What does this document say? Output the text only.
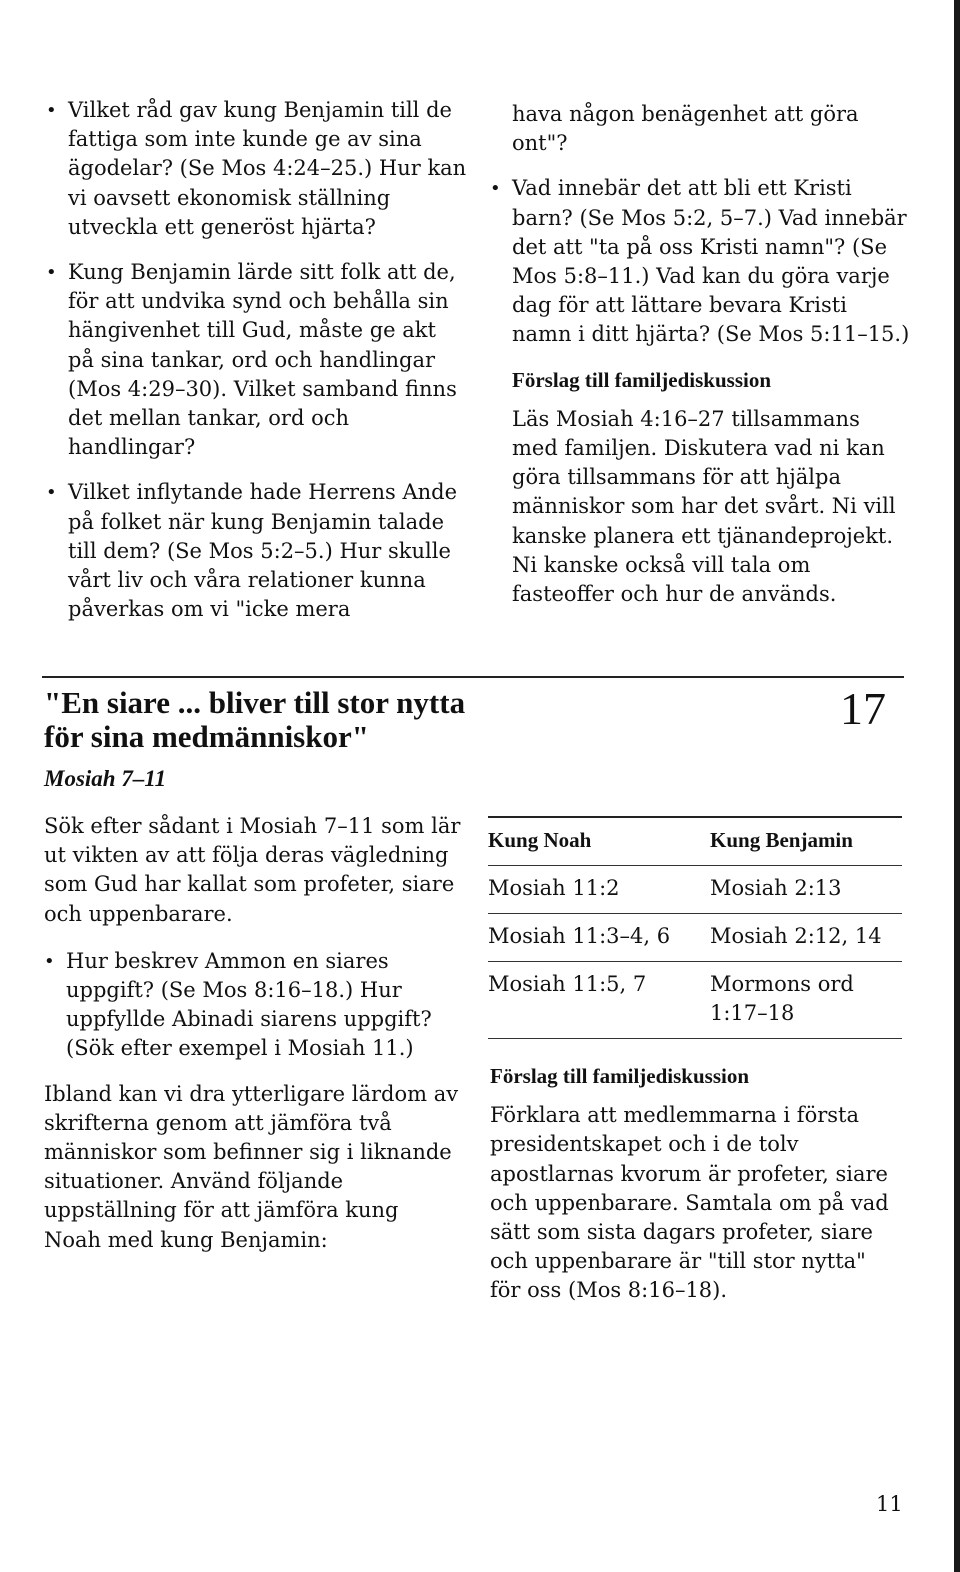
• Vilket råd gav kung Benjamin till de fattiga som inte kunde ge av sina ägodelar? (Se Mos 4:24–25.) Hur kan vi oavsett ekonomisk ställning utveckla ett generöst hjärta?
• Kung Benjamin lärde sitt folk att de, för att undvika synd och behålla sin hängivenhet till Gud, måste ge akt på sina tankar, ord och handlingar (Mos 4:29–30). Vilket samband finns det mellan tankar, ord och handlingar?
• Vilket inflytande hade Herrens Ande på folket när kung Benjamin talade till dem? (Se Mos 5:2–5.) Hur skulle vårt liv och våra relationer kunna påverkas om vi "icke mera

hava någon benägenhet att göra ont"?

• Vad innebär det att bli ett Kristi barn? (Se Mos 5:2, 5–7.) Vad innebär det att "ta på oss Kristi namn"? (Se Mos 5:8–11.) Vad kan du göra varje dag för att lättare bevara Kristi namn i ditt hjärta? (Se Mos 5:11–15.)

Förslag till familjediskussion

Läs Mosiah 4:16–27 tillsammans med familjen. Diskutera vad ni kan göra tillsammans för att hjälpa människor som har det svårt. Ni vill kanske planera ett tjänandeprojekt. Ni kanske också vill tala om fasteoffer och hur de används.

"En siare ... bliver till stor nytta
för sina medmänniskor"
17
Mosiah 7–11

Sök efter sådant i Mosiah 7–11 som lär ut vikten av att följa deras vägledning som Gud har kallat som profeter, siare och uppenbarare.

• Hur beskrev Ammon en siares uppgift? (Se Mos 8:16–18.) Hur uppfyllde Abinadi siarens uppgift? (Sök efter exempel i Mosiah 11.)

Ibland kan vi dra ytterligare lärdom av skrifterna genom att jämföra två människor som befinner sig i liknande situationer. Använd följande uppställning för att jämföra kung Noah med kung Benjamin:

Kung Noah	Kung Benjamin
Mosiah 11:2	Mosiah 2:13
Mosiah 11:3–4, 6	Mosiah 2:12, 14
Mosiah 11:5, 7	Mormons ord 1:17–18

Förslag till familjediskussion

Förklara att medlemmarna i första presidentskapet och i de tolv apostlarnas kvorum är profeter, siare och uppenbarare. Samtala om på vad sätt som sista dagars profeter, siare och uppenbarare är "till stor nytta" för oss (Mos 8:16–18).

11
